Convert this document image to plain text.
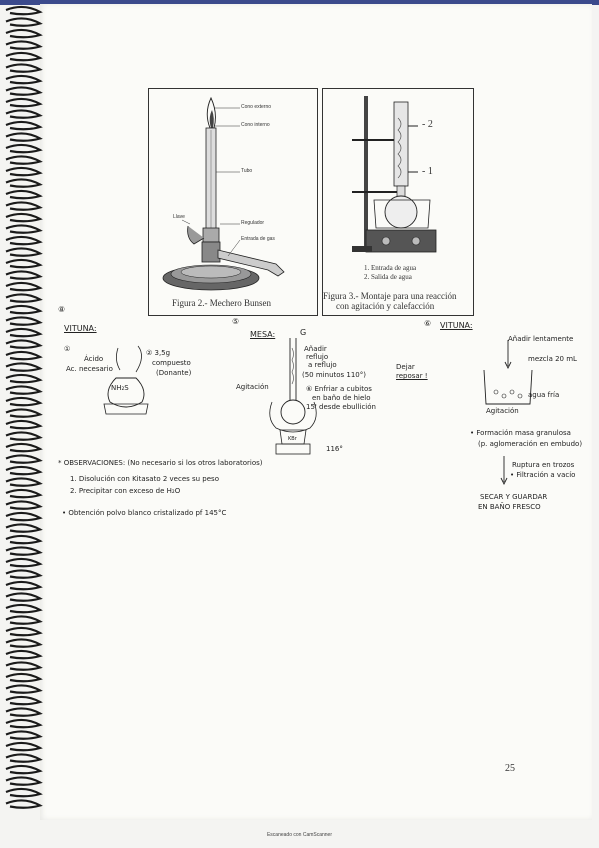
Cono externo
Cono interno
Tubo
Llave
Regulador
Entrada de gas
Figura 2.- Mechero Bunsen
- 2
- 1
1. Entrada de agua
2. Salida de agua
Figura 3.- Montaje para una reacción
con agitación y calefacción
⑧
VITUNA:
①
Ácido
Ac. necesario
② 3,5g
compuesto
(Donante)
NH₂S
⑤
MESA:	G
Añadir
reflujo
a reflujo
(50 minutos 110°)
⑥ Enfriar a cubitos
en baño de hielo
15' desde ebullición
Agitación
116°
KBr
⑥ VITUNA:
Dejar
reposar !
Añadir lentamente
mezcla 20 mL
agua fría
Agitación
• Formación masa granulosa
(p. aglomeración en embudo)
Ruptura en trozos
• Filtración a vacío
SECAR Y GUARDAR
EN BAÑO FRESCO
* OBSERVACIONES: (No necesario si los otros laboratorios)
1. Disolución con Kitasato 2 veces su peso
2. Precipitar con exceso de H₂O
• Obtención polvo blanco cristalizado pf 145°C
25
Escaneado con CamScanner
